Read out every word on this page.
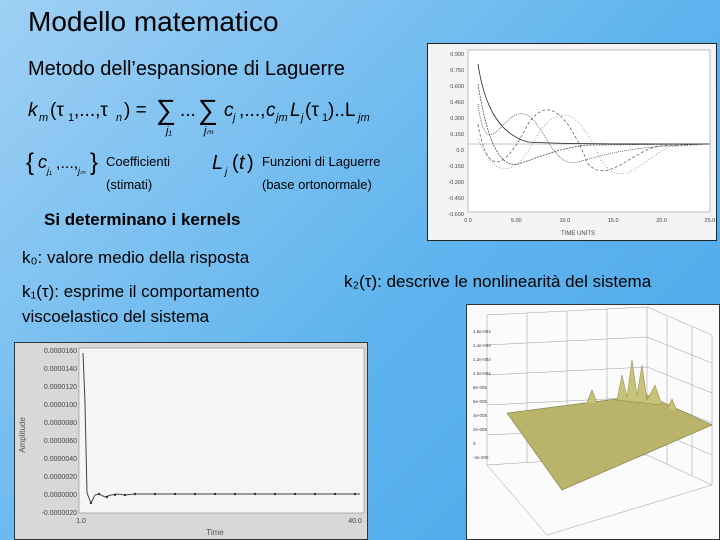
Modello matematico
Metodo dell’espansione di Laguerre
k m (τ 1 ,...,τ n ) = ∑ ... ∑ c j ,..., c jm L j (τ 1 )..L jm
j₁	jₘ
{ c j₁ ,..., jₘ } Coefficienti
(stimati)
L j ( t ) Funzioni di Laguerre
(base ortonormale)
Si determinano i kernels
k₀: valore medio della risposta
k₁(τ): esprime il comportamento
viscoelastico del sistema
k₂(τ): descrive le nonlinearità del sistema
0.900
0.750
0.600
0.450
0.300
0.150
0.0
-0.150
-0.300
-0.450
-0.600
0.0	5.00	10.0	15.0	20.0	25.0
TIME UNITS
0.0000160
0.0000140
0.0000120
0.0000100
0.0000080
0.0000060
0.0000040
0.0000020
0.0000000
-0.0000020
1.0	40.0
Amplitude
Time
1.8e-004
1.4e-004
1.2e-004
1.0e-004
8e-005
6e-005
4e-005
2e-005
0
-2e-005
